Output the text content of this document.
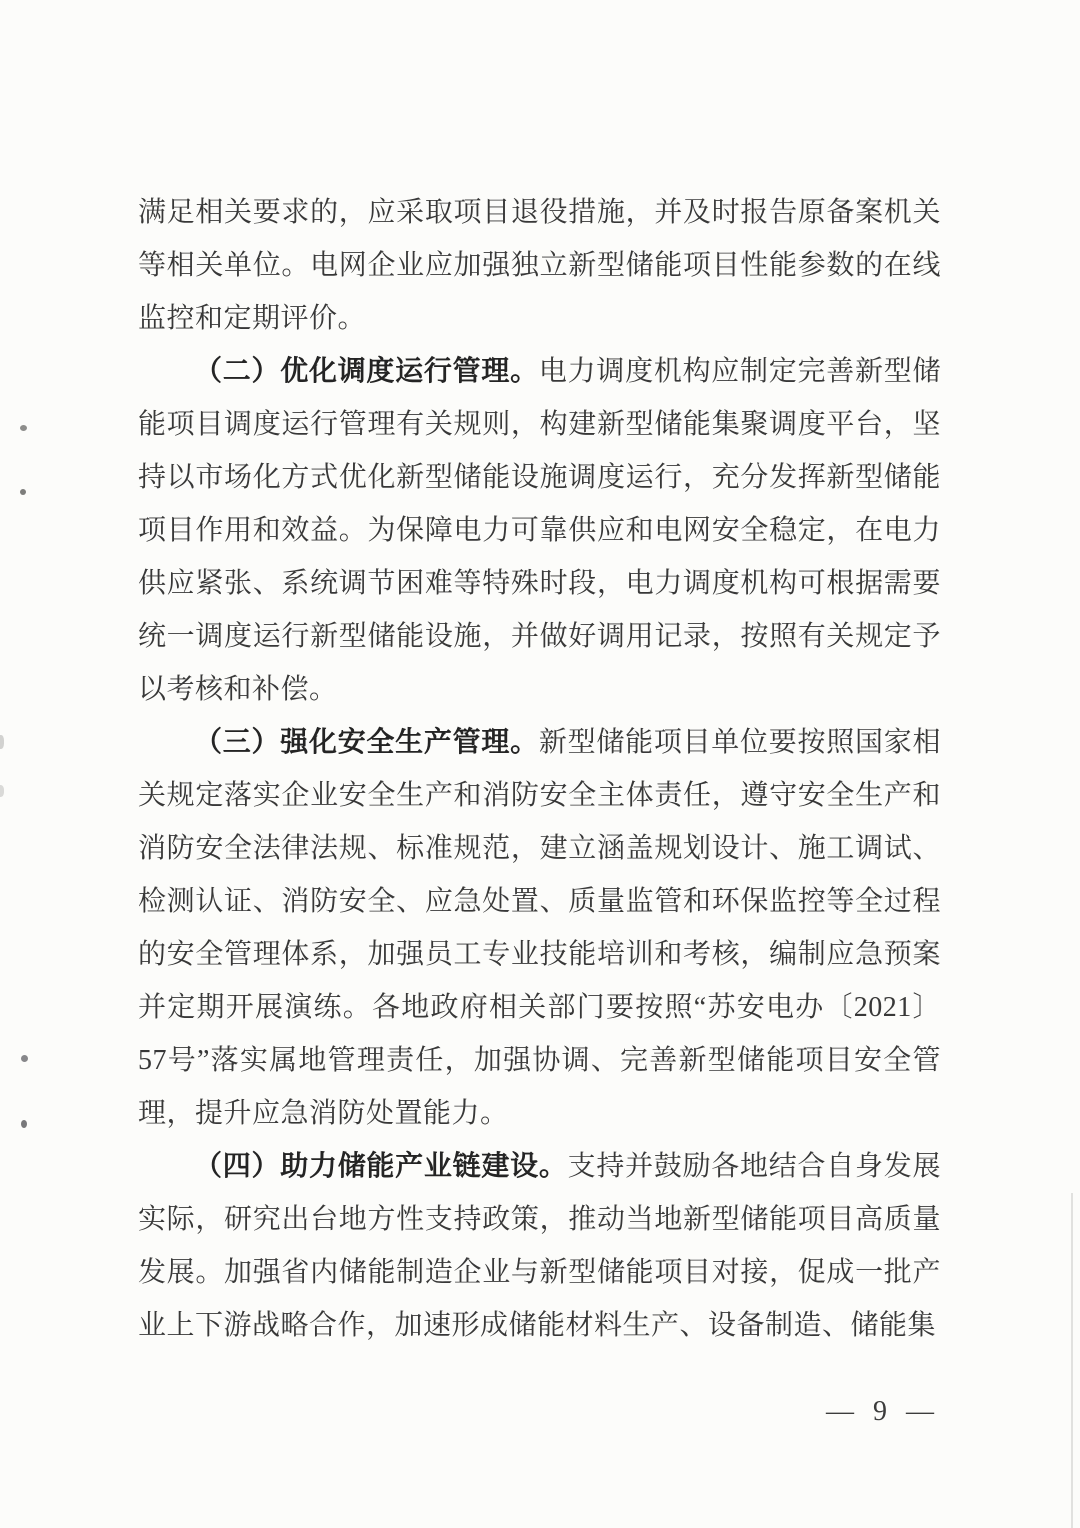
满足相关要求的，应采取项目退役措施，并及时报告原备案机关等相关单位。电网企业应加强独立新型储能项目性能参数的在线监控和定期评价。

（二）优化调度运行管理。电力调度机构应制定完善新型储能项目调度运行管理有关规则，构建新型储能集聚调度平台，坚持以市场化方式优化新型储能设施调度运行，充分发挥新型储能项目作用和效益。为保障电力可靠供应和电网安全稳定，在电力供应紧张、系统调节困难等特殊时段，电力调度机构可根据需要统一调度运行新型储能设施，并做好调用记录，按照有关规定予以考核和补偿。

（三）强化安全生产管理。新型储能项目单位要按照国家相关规定落实企业安全生产和消防安全主体责任，遵守安全生产和消防安全法律法规、标准规范，建立涵盖规划设计、施工调试、检测认证、消防安全、应急处置、质量监管和环保监控等全过程的安全管理体系，加强员工专业技能培训和考核，编制应急预案并定期开展演练。各地政府相关部门要按照“苏安电办〔2021〕57号”落实属地管理责任，加强协调、完善新型储能项目安全管理，提升应急消防处置能力。

（四）助力储能产业链建设。支持并鼓励各地结合自身发展实际，研究出台地方性支持政策，推动当地新型储能项目高质量发展。加强省内储能制造企业与新型储能项目对接，促成一批产业上下游战略合作，加速形成储能材料生产、设备制造、储能集

— 9 —
